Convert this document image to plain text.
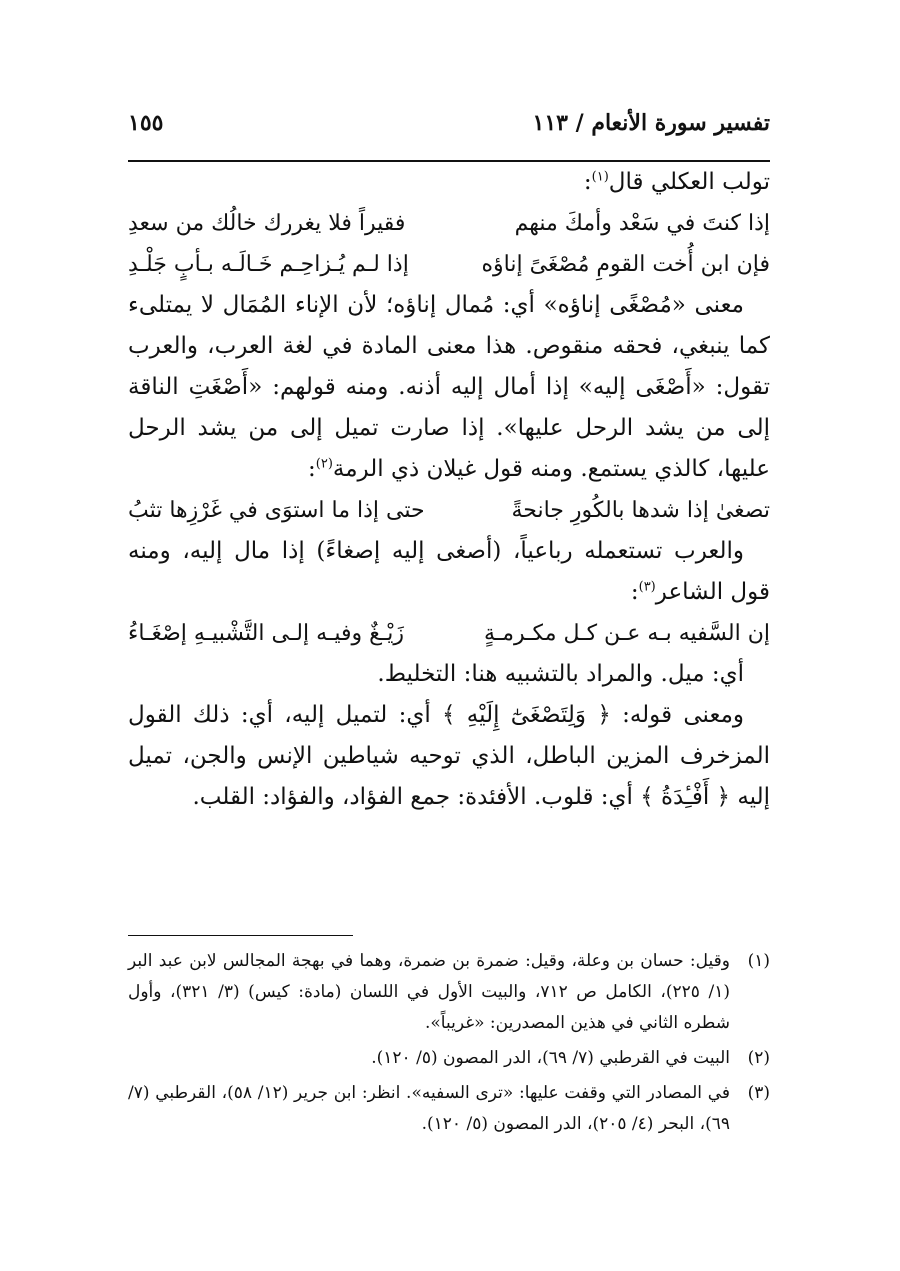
تفسير سورة الأنعام / ١١٣
١٥٥

تولب العكلي قال$^{(١)}$:

إذا كنتَ في سَعْد وأمكَ منهم
فقيراً فلا يغررك خالُك من سعدِ
فإن ابن أُخت القومِ مُصْغَىً إناؤه
إذا لـم يُـزاحِـم خَـالَـه بـأبٍ جَلْـدِ

معنى «مُصْغًى إناؤه» أي: مُمال إناؤه؛ لأن الإناء المُمَال لا يمتلىء كما ينبغي، فحقه منقوص. هذا معنى المادة في لغة العرب، والعرب تقول: «أَصْغَى إليه» إذا أمال إليه أذنه. ومنه قولهم: «أَصْغَتِ الناقة إلى من يشد الرحل عليها». إذا صارت تميل إلى من يشد الرحل عليها، كالذي يستمع. ومنه قول غيلان ذي الرمة$^{(٢)}$:

تصغىٰ إذا شدها بالكُورِ جانحةً
حتى إذا ما استوَى في غَرْزِها تثبُ

والعرب تستعمله رباعياً، (أصغى إليه إصغاءً) إذا مال إليه، ومنه قول الشاعر$^{(٣)}$:

إن السَّفيه بـه عـن كـل مكـرمـةٍ
زَيْـغٌ وفيـه إلـى التَّشْبيـهِ إصْغَـاءُ

أي: ميل. والمراد بالتشبيه هنا: التخليط.

ومعنى قوله: ﴿ وَلِتَصْغَىٰٓ إِلَيْهِ ﴾ أي: لتميل إليه، أي: ذلك القول المزخرف المزين الباطل، الذي توحيه شياطين الإنس والجن، تميل إليه ﴿ أَفْـِٔدَةُ ﴾ أي: قلوب. الأفئدة: جمع الفؤاد، والفؤاد: القلب.

(١)
وقيل: حسان بن وعلة، وقيل: ضمرة بن ضمرة، وهما في بهجة المجالس لابن عبد البر (١/ ٢٢٥)، الكامل ص ٧١٢، والبيت الأول في اللسان (مادة: كيس) (٣/ ٣٢١)، وأول شطره الثاني في هذين المصدرين: «غريباً».
(٢)
البيت في القرطبي (٧/ ٦٩)، الدر المصون (٥/ ١٢٠).
(٣)
في المصادر التي وقفت عليها: «ترى السفيه». انظر: ابن جرير (١٢/ ٥٨)، القرطبي (٧/ ٦٩)، البحر (٤/ ٢٠٥)، الدر المصون (٥/ ١٢٠).
